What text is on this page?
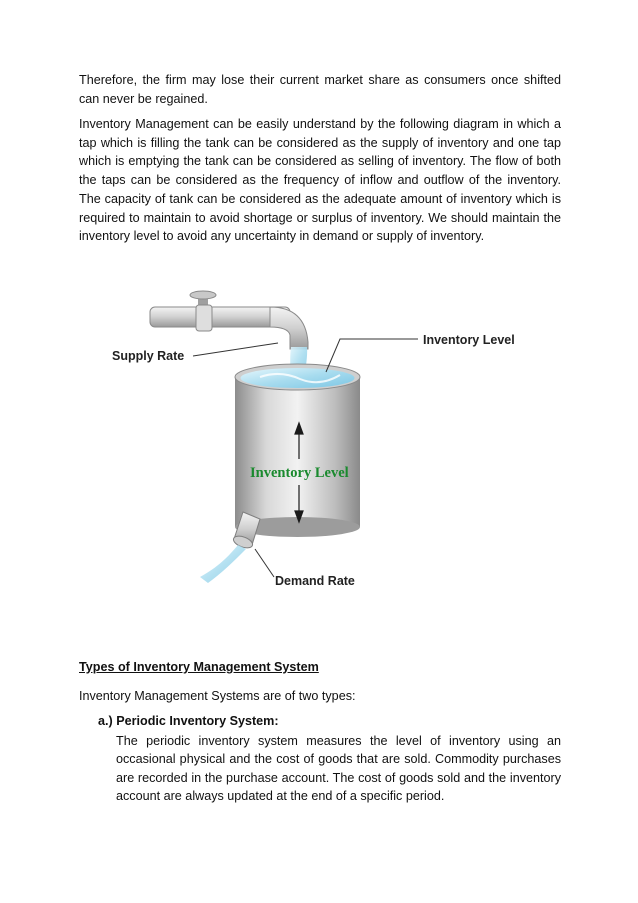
Therefore, the firm may lose their current market share as consumers once shifted can never be regained.

Inventory Management can be easily understand by the following diagram in which a tap which is filling the tank can be considered as the supply of inventory and one tap which is emptying the tank can be considered as selling of inventory. The flow of both the taps can be considered as the frequency of inflow and outflow of the inventory. The capacity of tank can be considered as the adequate amount of inventory which is required to maintain to avoid shortage or surplus of inventory. We should maintain the inventory level to avoid any uncertainty in demand or supply of inventory.

Inventory Level
Supply Rate
Inventory Level
Demand Rate

Types of Inventory Management System

Inventory Management Systems are of two types:

a.) Periodic Inventory System:

The periodic inventory system measures the level of inventory using an occasional physical and the cost of goods that are sold. Commodity purchases are recorded in the purchase account. The cost of goods sold and the inventory account are always updated at the end of a specific period.
